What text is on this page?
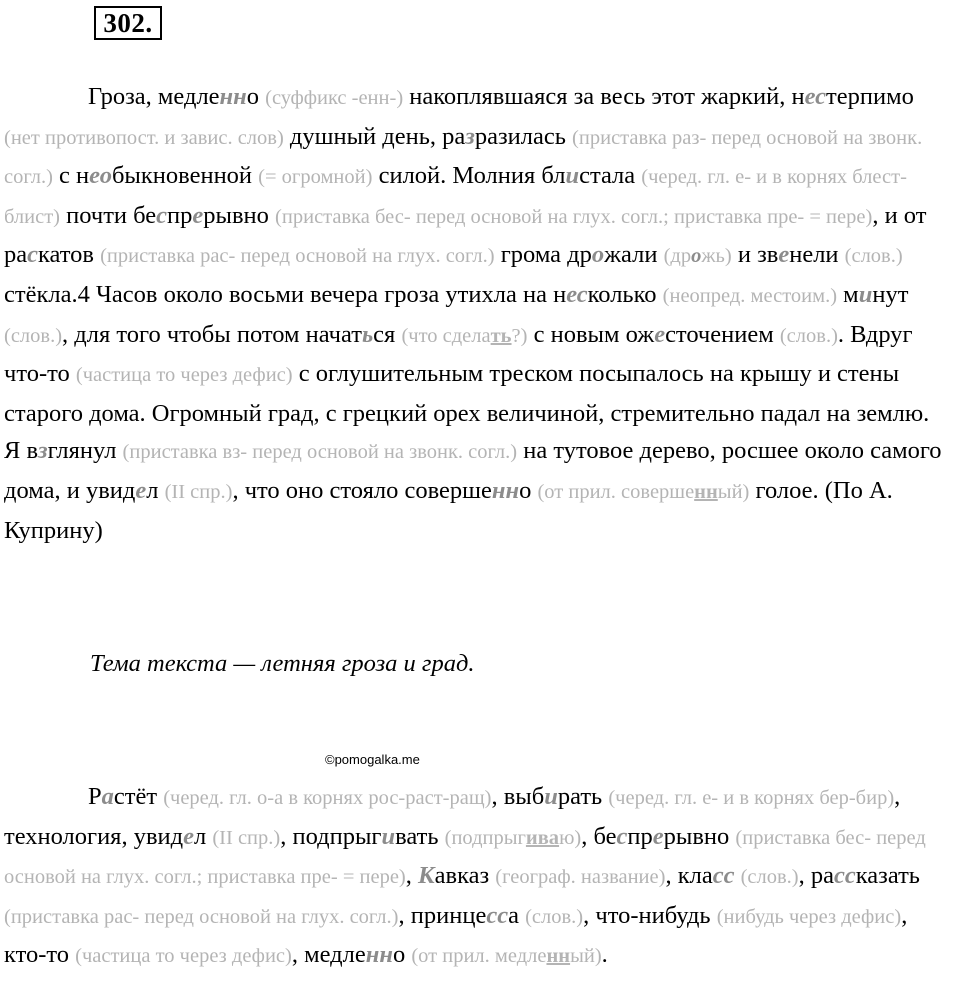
302.
Гроза, медленно (суффикс -енн-) накоплявшаяся за весь этот жаркий, нестерпимо (нет противопост. и завис. слов) душный день, разразилась (приставка раз- перед основой на звонк. согл.) с необыкновенной (= огромной) силой. Молния блистала (черед. гл. е- и в корнях блест-блист) почти беспрерывно (приставка бес- перед основой на глух. согл.; приставка пре- = пере), и от раскатов (приставка рас- перед основой на глух. согл.) грома дрожали (дрожь) и звенели (слов.) стёкла.4 Часов около восьми вечера гроза утихла на несколько (неопред. местоим.) минут (слов.), для того чтобы потом начаться (что сделать?) с новым ожесточением (слов.). Вдруг что-то (частица то через дефис) с оглушительным треском посыпалось на крышу и стены старого дома. Огромный град, с грецкий орех величиной, стремительно падал на землю. Я взглянул (приставка вз- перед основой на звонк. согл.) на тутовое дерево, росшее около самого дома, и увидел (II спр.), что оно стояло совершенно (от прил. совершенный) голое. (По А. Куприну)
Тема текста — летняя гроза и град.
©pomogalka.me
Растёт (черед. гл. о-а в корнях рос-раст-ращ), выбирать (черед. гл. е- и в корнях бер-бир), технология, увидел (II спр.), подпрыгивать (подпрыгиваю), беспрерывно (приставка бес- перед основой на глух. согл.; приставка пре- = пере), Кавказ (географ. название), класс (слов.), рассказать (приставка рас- перед основой на глух. согл.), принцесса (слов.), что-нибудь (нибудь через дефис), кто-то (частица то через дефис), медленно (от прил. медленный).
